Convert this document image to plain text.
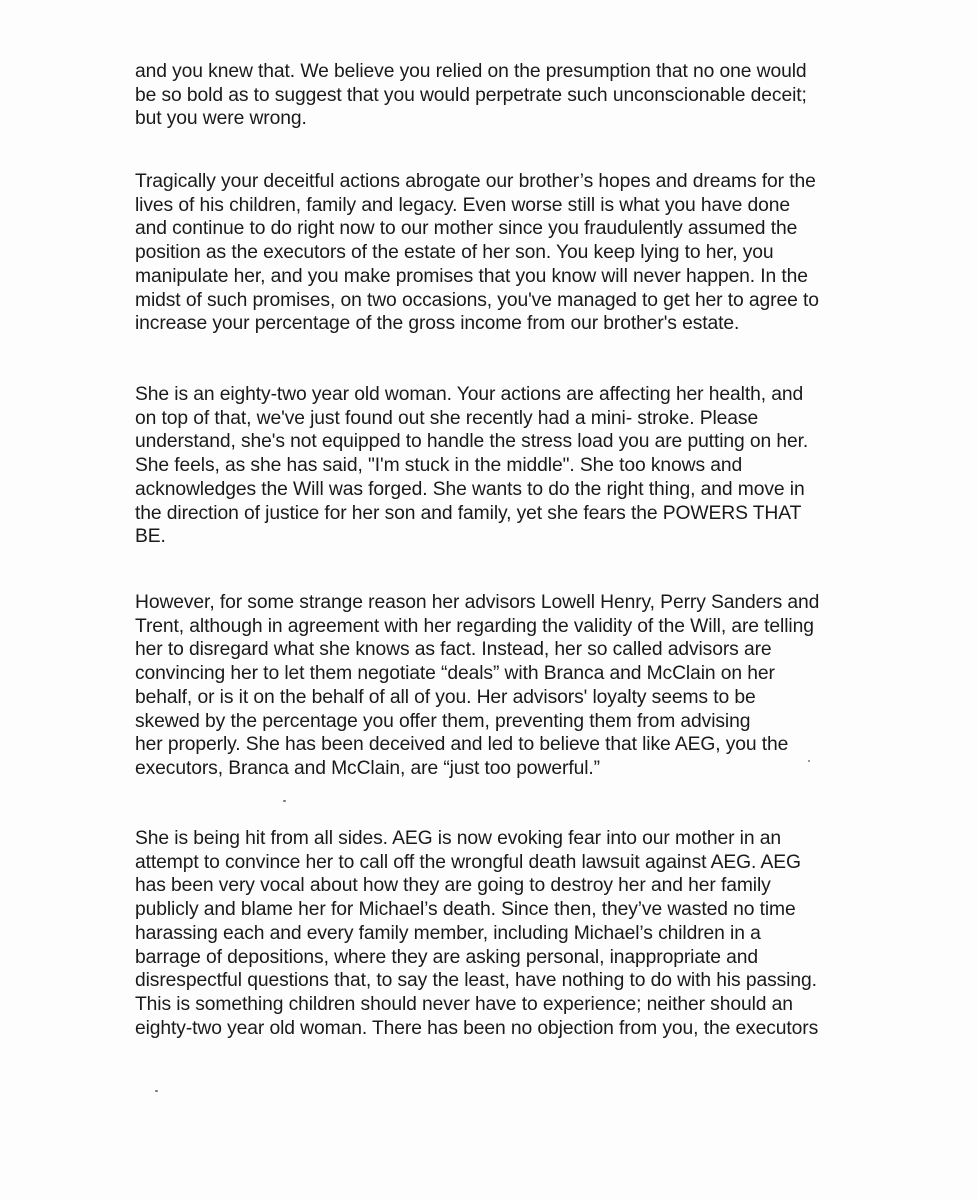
and you knew that. We believe you relied on the presumption that no one would
be so bold as to suggest that you would perpetrate such unconscionable deceit;
but you were wrong.
Tragically your deceitful actions abrogate our brother’s hopes and dreams for the
lives of his children, family and legacy. Even worse still is what you have done
and continue to do right now to our mother since you fraudulently assumed the
position as the executors of the estate of her son. You keep lying to her, you
manipulate her, and you make promises that you know will never happen. In the
midst of such promises, on two occasions, you've managed to get her to agree to
increase your percentage of the gross income from our brother's estate.
She is an eighty-two year old woman. Your actions are affecting her health, and
on top of that, we've just found out she recently had a mini- stroke. Please
understand, she's not equipped to handle the stress load you are putting on her.
She feels, as she has said, "I'm stuck in the middle". She too knows and
acknowledges the Will was forged. She wants to do the right thing, and move in
the direction of justice for her son and family, yet she fears the POWERS THAT
BE.
However, for some strange reason her advisors Lowell Henry, Perry Sanders and
Trent, although in agreement with her regarding the validity of the Will, are telling
her to disregard what she knows as fact. Instead, her so called advisors are
convincing her to let them negotiate “deals” with Branca and McClain on her
behalf, or is it on the behalf of all of you. Her advisors' loyalty seems to be
skewed by the percentage you offer them, preventing them from advising
her properly. She has been deceived and led to believe that like AEG, you the
executors, Branca and McClain, are “just too powerful.”
She is being hit from all sides. AEG is now evoking fear into our mother in an
attempt to convince her to call off the wrongful death lawsuit against AEG. AEG
has been very vocal about how they are going to destroy her and her family
publicly and blame her for Michael’s death. Since then, they’ve wasted no time
harassing each and every family member, including Michael’s children in a
barrage of depositions, where they are asking personal, inappropriate and
disrespectful questions that, to say the least, have nothing to do with his passing.
This is something children should never have to experience; neither should an
eighty-two year old woman. There has been no objection from you, the executors
